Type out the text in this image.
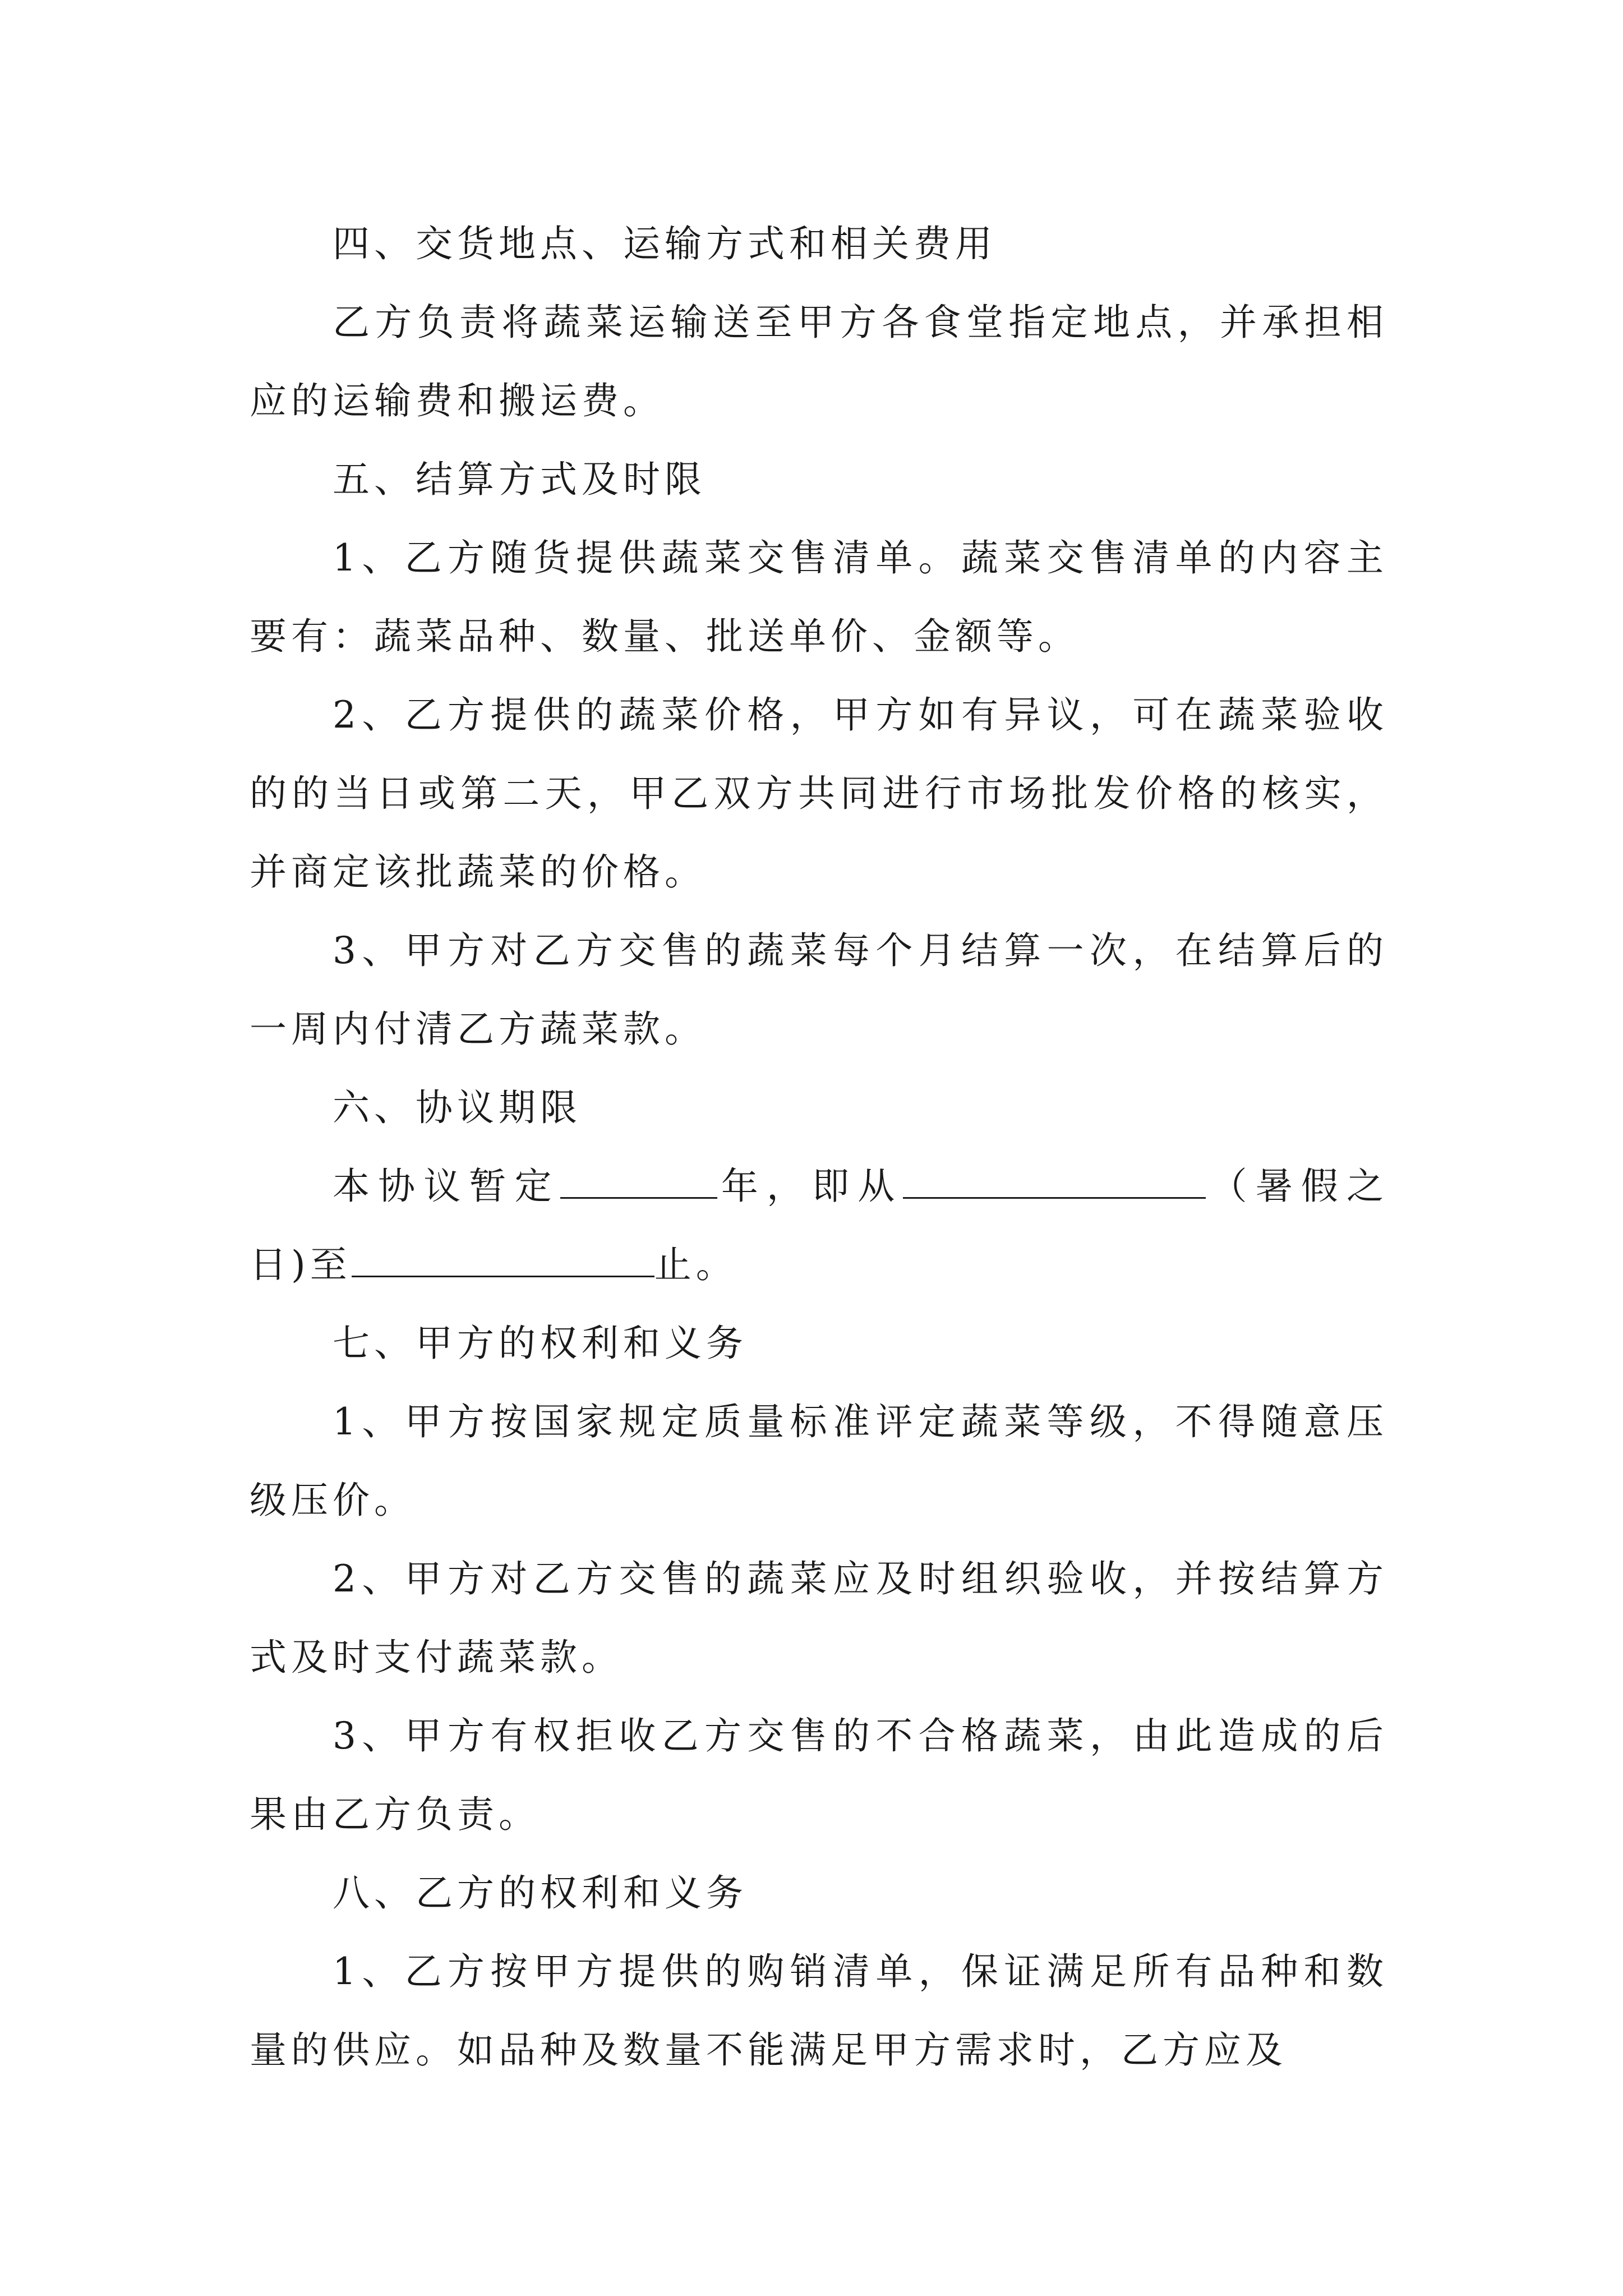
四、交货地点、运输方式和相关费用

乙方负责将蔬菜运输送至甲方各食堂指定地点，并承担相应的运输费和搬运费。

五、结算方式及时限

1、乙方随货提供蔬菜交售清单。蔬菜交售清单的内容主要有：蔬菜品种、数量、批送单价、金额等。

2、乙方提供的蔬菜价格，甲方如有异议，可在蔬菜验收的的当日或第二天，甲乙双方共同进行市场批发价格的核实，并商定该批蔬菜的价格。

3、甲方对乙方交售的蔬菜每个月结算一次，在结算后的一周内付清乙方蔬菜款。

六、协议期限

本协议暂定	年，即从	（暑假之日)至	止。

七、甲方的权利和义务

1、甲方按国家规定质量标准评定蔬菜等级，不得随意压级压价。

2、甲方对乙方交售的蔬菜应及时组织验收，并按结算方式及时支付蔬菜款。

3、甲方有权拒收乙方交售的不合格蔬菜，由此造成的后果由乙方负责。

八、乙方的权利和义务

1、乙方按甲方提供的购销清单，保证满足所有品种和数量的供应。如品种及数量不能满足甲方需求时，乙方应及
